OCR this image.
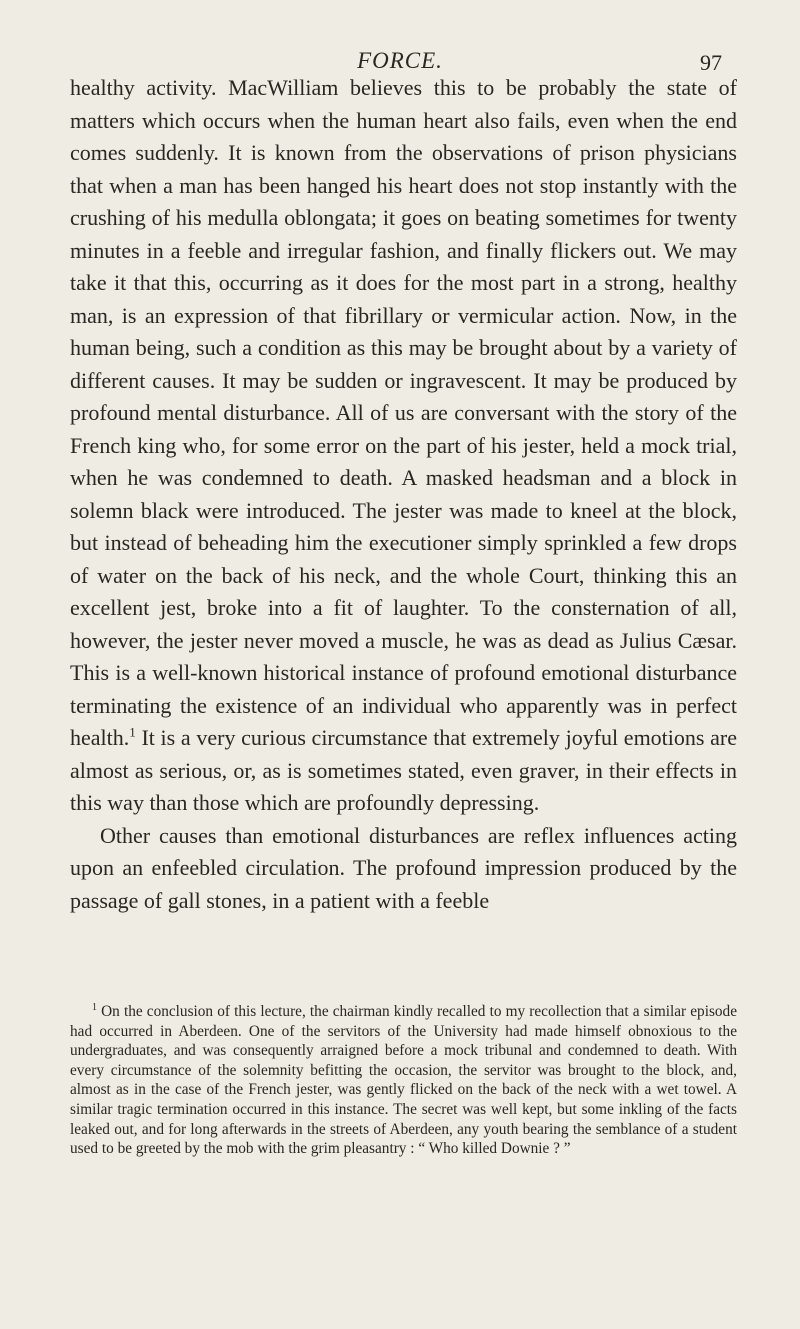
FORCE.	97

healthy activity. MacWilliam believes this to be probably the state of matters which occurs when the human heart also fails, even when the end comes suddenly. It is known from the observations of prison physicians that when a man has been hanged his heart does not stop instantly with the crushing of his medulla oblongata; it goes on beating sometimes for twenty minutes in a feeble and irregular fashion, and finally flickers out. We may take it that this, occurring as it does for the most part in a strong, healthy man, is an expression of that fibrillary or vermicular action. Now, in the human being, such a condition as this may be brought about by a variety of different causes. It may be sudden or ingravescent. It may be produced by profound mental disturbance. All of us are conversant with the story of the French king who, for some error on the part of his jester, held a mock trial, when he was condemned to death. A masked headsman and a block in solemn black were introduced. The jester was made to kneel at the block, but instead of beheading him the executioner simply sprinkled a few drops of water on the back of his neck, and the whole Court, thinking this an excellent jest, broke into a fit of laughter. To the consternation of all, however, the jester never moved a muscle, he was as dead as Julius Cæsar. This is a well-known historical instance of profound emotional disturbance terminating the existence of an individual who apparently was in perfect health.$^1$ It is a very curious circumstance that extremely joyful emotions are almost as serious, or, as is sometimes stated, even graver, in their effects in this way than those which are profoundly depressing.

Other causes than emotional disturbances are reflex influences acting upon an enfeebled circulation. The profound impression produced by the passage of gall stones, in a patient with a feeble

$^1$ On the conclusion of this lecture, the chairman kindly recalled to my recollection that a similar episode had occurred in Aberdeen. One of the servitors of the University had made himself obnoxious to the undergraduates, and was consequently arraigned before a mock tribunal and condemned to death. With every circumstance of the solemnity befitting the occasion, the servitor was brought to the block, and, almost as in the case of the French jester, was gently flicked on the back of the neck with a wet towel. A similar tragic termination occurred in this instance. The secret was well kept, but some inkling of the facts leaked out, and for long afterwards in the streets of Aberdeen, any youth bearing the semblance of a student used to be greeted by the mob with the grim pleasantry : “ Who killed Downie ? ”
